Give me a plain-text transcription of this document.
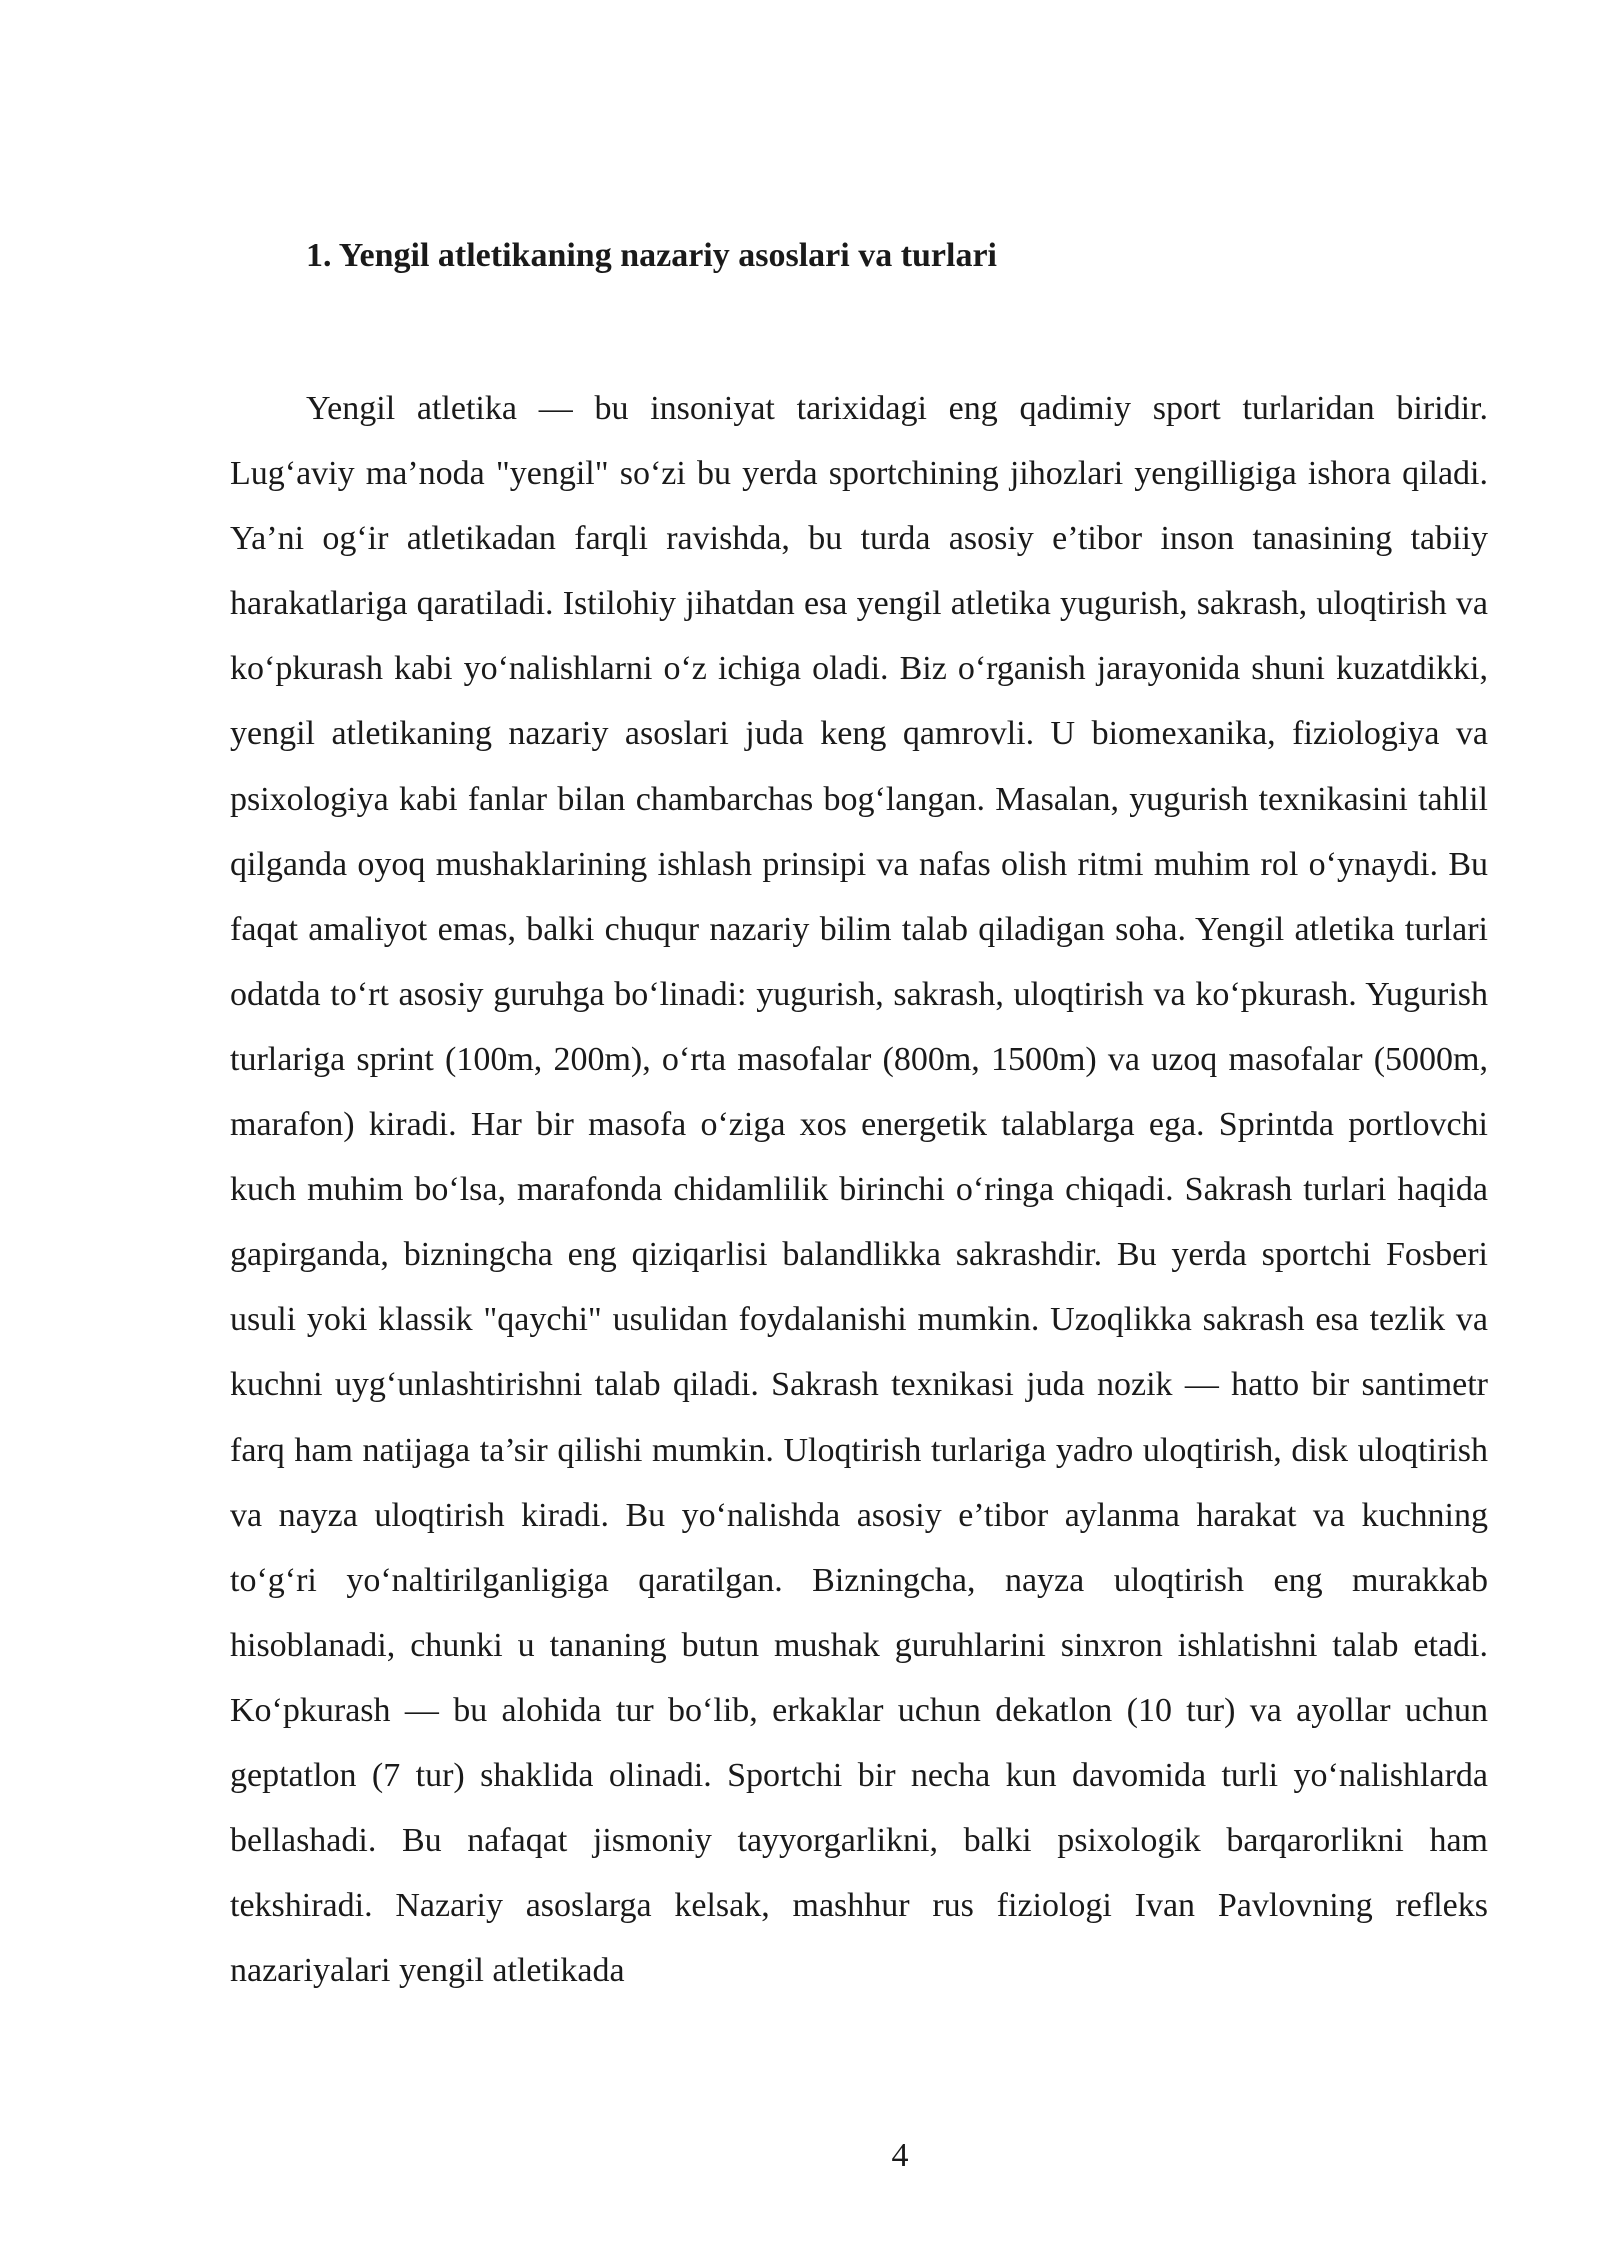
1. Yengil atletikaning nazariy asoslari va turlari

Yengil atletika — bu insoniyat tarixidagi eng qadimiy sport turlaridan biridir. Lug‘aviy ma’noda "yengil" so‘zi bu yerda sportchining jihozlari yengilligiga ishora qiladi. Ya’ni og‘ir atletikadan farqli ravishda, bu turda asosiy e’tibor inson tanasining tabiiy harakatlariga qaratiladi. Istilohiy jihatdan esa yengil atletika yugurish, sakrash, uloqtirish va ko‘pkurash kabi yo‘nalishlarni o‘z ichiga oladi. Biz o‘rganish jarayonida shuni kuzatdikki, yengil atletikaning nazariy asoslari juda keng qamrovli. U biomexanika, fiziologiya va psixologiya kabi fanlar bilan chambarchas bog‘langan. Masalan, yugurish texnikasini tahlil qilganda oyoq mushaklarining ishlash prinsipi va nafas olish ritmi muhim rol o‘ynaydi. Bu faqat amaliyot emas, balki chuqur nazariy bilim talab qiladigan soha. Yengil atletika turlari odatda to‘rt asosiy guruhga bo‘linadi: yugurish, sakrash, uloqtirish va ko‘pkurash. Yugurish turlariga sprint (100m, 200m), o‘rta masofalar (800m, 1500m) va uzoq masofalar (5000m, marafon) kiradi. Har bir masofa o‘ziga xos energetik talablarga ega. Sprintda portlovchi kuch muhim bo‘lsa, marafonda chidamlilik birinchi o‘ringa chiqadi. Sakrash turlari haqida gapirganda, bizningcha eng qiziqarlisi balandlikka sakrashdir. Bu yerda sportchi Fosberi usuli yoki klassik "qaychi" usulidan foydalanishi mumkin. Uzoqlikka sakrash esa tezlik va kuchni uyg‘unlashtirishni talab qiladi. Sakrash texnikasi juda nozik — hatto bir santimetr farq ham natijaga ta’sir qilishi mumkin. Uloqtirish turlariga yadro uloqtirish, disk uloqtirish va nayza uloqtirish kiradi. Bu yo‘nalishda asosiy e’tibor aylanma harakat va kuchning to‘g‘ri yo‘naltirilganligiga qaratilgan. Bizningcha, nayza uloqtirish eng murakkab hisoblanadi, chunki u tananing butun mushak guruhlarini sinxron ishlatishni talab etadi. Ko‘pkurash — bu alohida tur bo‘lib, erkaklar uchun dekatlon (10 tur) va ayollar uchun geptatlon (7 tur) shaklida olinadi. Sportchi bir necha kun davomida turli yo‘nalishlarda bellashadi. Bu nafaqat jismoniy tayyorgarlikni, balki psixologik barqarorlikni ham tekshiradi. Nazariy asoslarga kelsak, mashhur rus fiziologi Ivan Pavlovning refleks nazariyalari yengil atletikada

4
